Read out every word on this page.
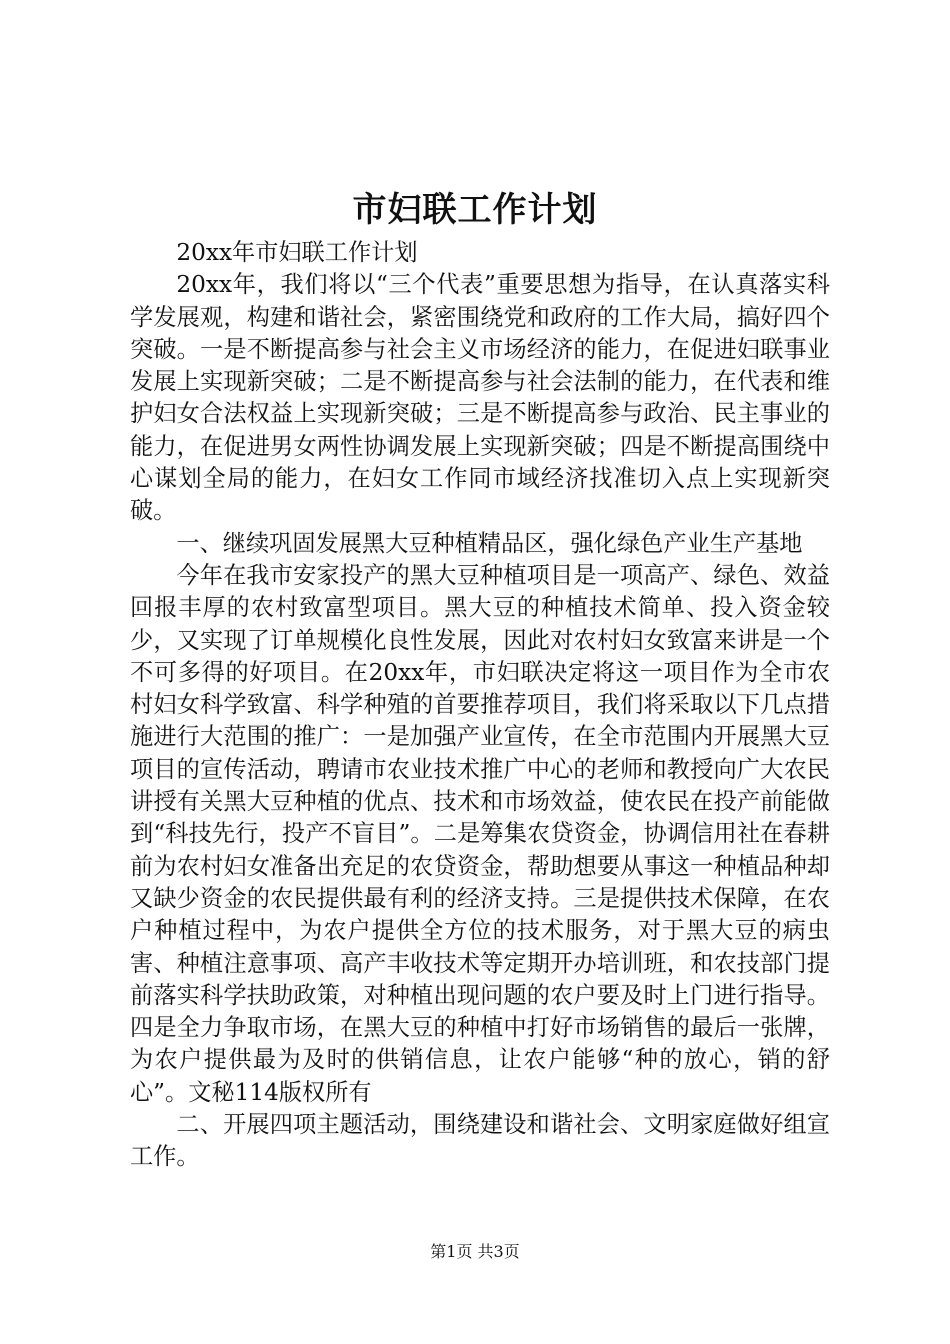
市妇联工作计划

20xx年市妇联工作计划

20xx年，我们将以“三个代表”重要思想为指导，在认真落实科学发展观，构建和谐社会，紧密围绕党和政府的工作大局，搞好四个突破。一是不断提高参与社会主义市场经济的能力，在促进妇联事业发展上实现新突破；二是不断提高参与社会法制的能力，在代表和维护妇女合法权益上实现新突破；三是不断提高参与政治、民主事业的能力，在促进男女两性协调发展上实现新突破；四是不断提高围绕中心谋划全局的能力，在妇女工作同市域经济找准切入点上实现新突破。

一、继续巩固发展黑大豆种植精品区，强化绿色产业生产基地

今年在我市安家投产的黑大豆种植项目是一项高产、绿色、效益回报丰厚的农村致富型项目。黑大豆的种植技术简单、投入资金较少，又实现了订单规模化良性发展，因此对农村妇女致富来讲是一个不可多得的好项目。在20xx年，市妇联决定将这一项目作为全市农村妇女科学致富、科学种殖的首要推荐项目，我们将采取以下几点措施进行大范围的推广：一是加强产业宣传，在全市范围内开展黑大豆项目的宣传活动，聘请市农业技术推广中心的老师和教授向广大农民讲授有关黑大豆种植的优点、技术和市场效益，使农民在投产前能做到“科技先行，投产不盲目”。二是筹集农贷资金，协调信用社在春耕前为农村妇女准备出充足的农贷资金，帮助想要从事这一种植品种却又缺少资金的农民提供最有利的经济支持。三是提供技术保障，在农户种植过程中，为农户提供全方位的技术服务，对于黑大豆的病虫害、种植注意事项、高产丰收技术等定期开办培训班，和农技部门提前落实科学扶助政策，对种植出现问题的农户要及时上门进行指导。四是全力争取市场，在黑大豆的种植中打好市场销售的最后一张牌，为农户提供最为及时的供销信息，让农户能够“种的放心，销的舒心”。文秘114版权所有

二、开展四项主题活动，围绕建设和谐社会、文明家庭做好组宣工作。

第1页 共3页
